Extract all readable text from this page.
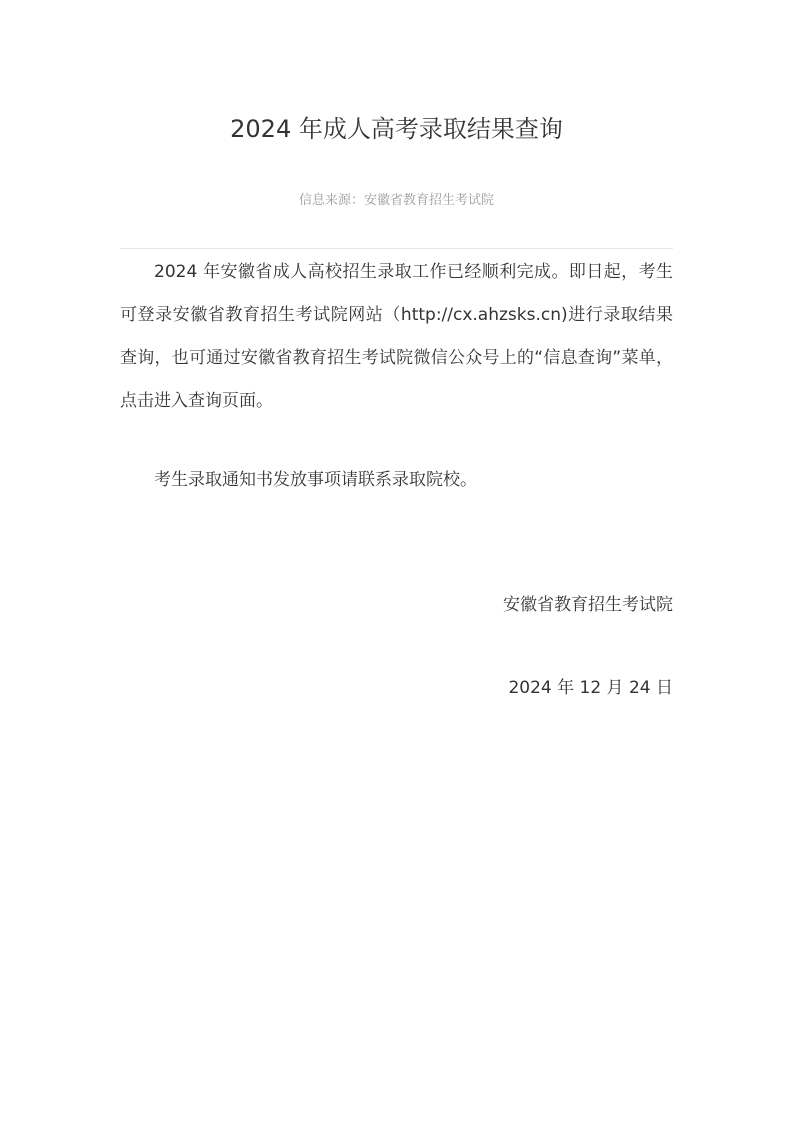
2024 年成人高考录取结果查询
信息来源：安徽省教育招生考试院

2024 年安徽省成人高校招生录取工作已经顺利完成。即日起，考生可登录安徽省教育招生考试院网站（http://cx.ahzsks.cn)进行录取结果查询，也可通过安徽省教育招生考试院微信公众号上的“信息查询”菜单，点击进入查询页面。

考生录取通知书发放事项请联系录取院校。

安徽省教育招生考试院
2024 年 12 月 24 日
